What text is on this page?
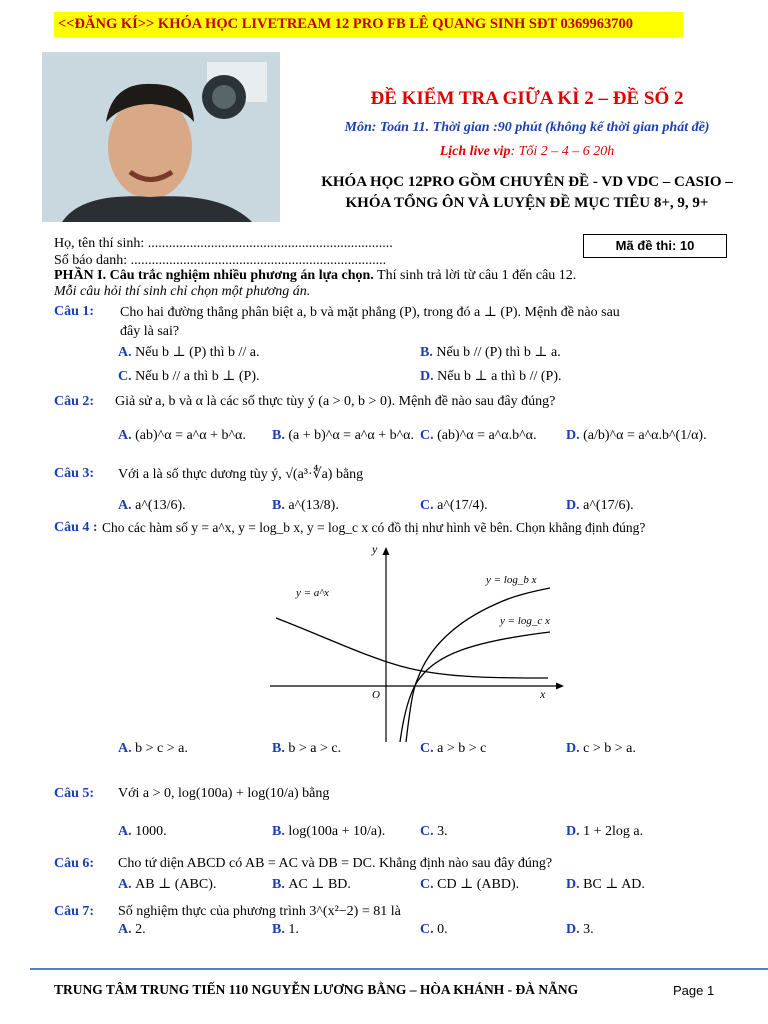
<<ĐĂNG KÍ>> KHÓA HỌC LIVETREAM 12 PRO FB LÊ QUANG SINH SĐT 0369963700
ĐỀ KIỂM TRA GIỮA KÌ 2 – ĐỀ SỐ 2
Môn: Toán 11. Thời gian :90 phút (không kể thời gian phát đề)
Lịch live vip: Tối 2 – 4 – 6 20h
KHÓA HỌC 12PRO GỒM CHUYÊN ĐỀ - VD VDC – CASIO –
KHÓA TỔNG ÔN VÀ LUYỆN ĐỀ MỤC TIÊU 8+, 9, 9+
Họ, tên thí sinh: ......................................................................
Số báo danh: .........................................................................
Mã đề thi: 10
PHẦN I. Câu trắc nghiệm nhiều phương án lựa chọn. Thí sinh trả lời từ câu 1 đến câu 12.
Mỗi câu hỏi thí sinh chỉ chọn một phương án.
Câu 1: Cho hai đường thẳng phân biệt a, b và mặt phẳng (P), trong đó a ⊥ (P). Mệnh đề nào sau
đây là sai?
A. Nếu b ⊥ (P) thì b // a.	B. Nếu b // (P) thì b ⊥ a.
C. Nếu b // a thì b ⊥ (P).	D. Nếu b ⊥ a thì b // (P).
Câu 2: Giả sử a, b và α là các số thực tùy ý (a > 0, b > 0). Mệnh đề nào sau đây đúng?
A. (ab)^α = a^α + b^α. B. (a + b)^α = a^α + b^α. C. (ab)^α = a^α.b^α. D. (a/b)^α = a^α.b^(1/α).
Câu 3: Với a là số thực dương tùy ý, √(a³·∜a) bằng
A. a^(13/6).	B. a^(13/8).	C. a^(17/4).	D. a^(17/6).
Câu 4 : Cho các hàm số y = a^x, y = log_b x, y = log_c x có đồ thị như hình vẽ bên. Chọn khẳng định đúng?
y
x
O
y = a^x
y = log_b x
y = log_c x
A. b > c > a.	B. b > a > c.	C. a > b > c	D. c > b > a.
Câu 5: Với a > 0, log(100a) + log(10/a) bằng
A. 1000.	B. log(100a + 10/a). C. 3.	D. 1 + 2log a.
Câu 6: Cho tứ diện ABCD có AB = AC và DB = DC. Khẳng định nào sau đây đúng?
A. AB ⊥ (ABC).	B. AC ⊥ BD.	C. CD ⊥ (ABD).	D. BC ⊥ AD.
Câu 7: Số nghiệm thực của phương trình 3^(x²−2) = 81 là
A. 2.	B. 1.	C. 0.	D. 3.
TRUNG TÂM TRUNG TIẾN 110 NGUYỄN LƯƠNG BẰNG – HÒA KHÁNH - ĐÀ NẴNG	Page 1
